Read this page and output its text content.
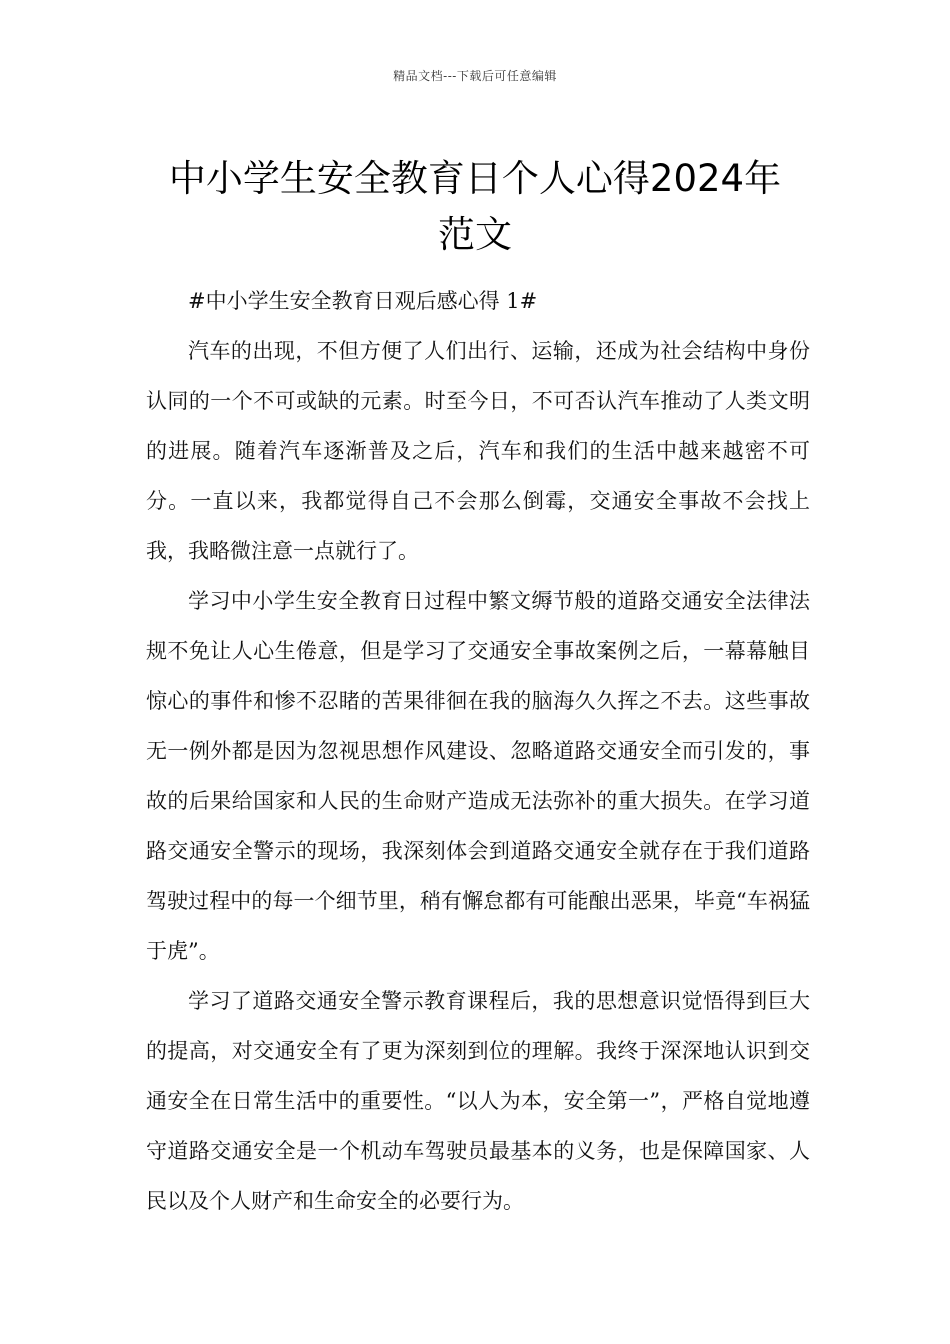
精品文档---下载后可任意编辑
中小学生安全教育日个人心得2024年
范文

#中小学生安全教育日观后感心得 1#

汽车的出现，不但方便了人们出行、运输，还成为社会结构中身份认同的一个不可或缺的元素。时至今日，不可否认汽车推动了人类文明的进展。随着汽车逐渐普及之后，汽车和我们的生活中越来越密不可分。一直以来，我都觉得自己不会那么倒霉，交通安全事故不会找上我，我略微注意一点就行了。

学习中小学生安全教育日过程中繁文缛节般的道路交通安全法律法规不免让人心生倦意，但是学习了交通安全事故案例之后，一幕幕触目惊心的事件和惨不忍睹的苦果徘徊在我的脑海久久挥之不去。这些事故无一例外都是因为忽视思想作风建设、忽略道路交通安全而引发的，事故的后果给国家和人民的生命财产造成无法弥补的重大损失。在学习道路交通安全警示的现场，我深刻体会到道路交通安全就存在于我们道路驾驶过程中的每一个细节里，稍有懈怠都有可能酿出恶果，毕竟“车祸猛于虎”。

学习了道路交通安全警示教育课程后，我的思想意识觉悟得到巨大的提高，对交通安全有了更为深刻到位的理解。我终于深深地认识到交通安全在日常生活中的重要性。“以人为本，安全第一”，严格自觉地遵守道路交通安全是一个机动车驾驶员最基本的义务，也是保障国家、人民以及个人财产和生命安全的必要行为。
